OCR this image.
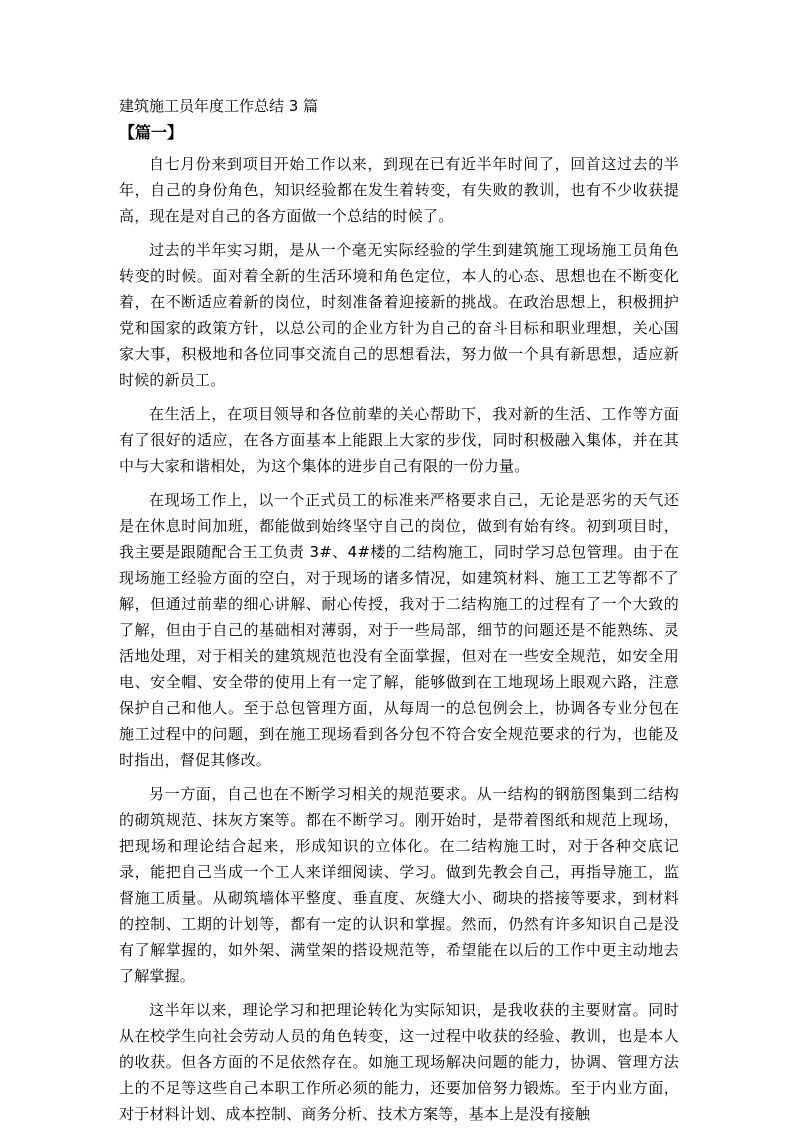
建筑施工员年度工作总结 3 篇
【篇一】

自七月份来到项目开始工作以来，到现在已有近半年时间了，回首这过去的半年，自己的身份角色，知识经验都在发生着转变，有失败的教训，也有不少收获提高，现在是对自己的各方面做一个总结的时候了。

过去的半年实习期，是从一个毫无实际经验的学生到建筑施工现场施工员角色转变的时候。面对着全新的生活环境和角色定位，本人的心态、思想也在不断变化着，在不断适应着新的岗位，时刻准备着迎接新的挑战。在政治思想上，积极拥护党和国家的政策方针，以总公司的企业方针为自己的奋斗目标和职业理想，关心国家大事，积极地和各位同事交流自己的思想看法，努力做一个具有新思想，适应新时候的新员工。

在生活上，在项目领导和各位前辈的关心帮助下，我对新的生活、工作等方面有了很好的适应，在各方面基本上能跟上大家的步伐，同时积极融入集体，并在其中与大家和谐相处，为这个集体的进步自己有限的一份力量。

在现场工作上，以一个正式员工的标准来严格要求自己，无论是恶劣的天气还是在休息时间加班，都能做到始终坚守自己的岗位，做到有始有终。初到项目时，我主要是跟随配合王工负责 3#、4#楼的二结构施工，同时学习总包管理。由于在现场施工经验方面的空白，对于现场的诸多情况，如建筑材料、施工工艺等都不了解，但通过前辈的细心讲解、耐心传授，我对于二结构施工的过程有了一个大致的了解，但由于自己的基础相对薄弱，对于一些局部，细节的问题还是不能熟练、灵活地处理，对于相关的建筑规范也没有全面掌握，但对在一些安全规范，如安全用电、安全帽、安全带的使用上有一定了解，能够做到在工地现场上眼观六路，注意保护自己和他人。至于总包管理方面，从每周一的总包例会上，协调各专业分包在施工过程中的问题，到在施工现场看到各分包不符合安全规范要求的行为，也能及时指出，督促其修改。

另一方面，自己也在不断学习相关的规范要求。从一结构的钢筋图集到二结构的砌筑规范、抹灰方案等。都在不断学习。刚开始时，是带着图纸和规范上现场，把现场和理论结合起来，形成知识的立体化。在二结构施工时，对于各种交底记录，能把自己当成一个工人来详细阅读、学习。做到先教会自己，再指导施工，监督施工质量。从砌筑墙体平整度、垂直度、灰缝大小、砌块的搭接等要求，到材料的控制、工期的计划等，都有一定的认识和掌握。然而，仍然有许多知识自己是没有了解掌握的，如外架、满堂架的搭设规范等，希望能在以后的工作中更主动地去了解掌握。

这半年以来，理论学习和把理论转化为实际知识，是我收获的主要财富。同时从在校学生向社会劳动人员的角色转变，这一过程中收获的经验、教训，也是本人的收获。但各方面的不足依然存在。如施工现场解决问题的能力，协调、管理方法上的不足等这些自己本职工作所必须的能力，还要加倍努力锻炼。至于内业方面，对于材料计划、成本控制、商务分析、技术方案等，基本上是没有接触
